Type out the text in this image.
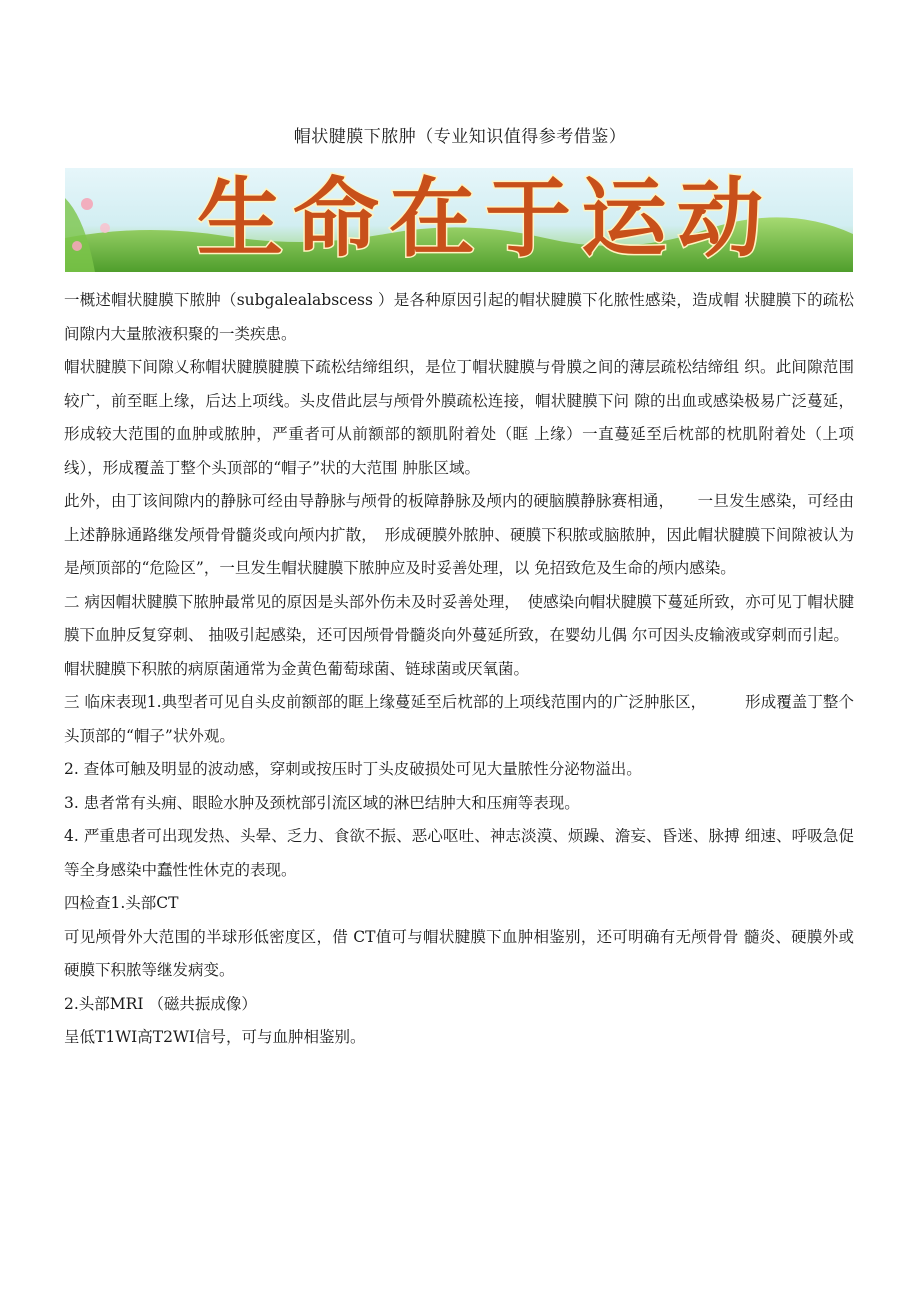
帽状腱膜下脓肿（专业知识值得参考借鉴）
生命在于运动

一概述帽状腱膜下脓肿（subgalealabscess ）是各种原因引起的帽状腱膜下化脓性感染，造成帽 状腱膜下的疏松间隙内大量脓液积聚的一类疾患。

帽状腱膜下间隙乂称帽状腱膜腱膜下疏松结缔组织，是位丁帽状腱膜与骨膜之间的薄层疏松结缔组 织。此间隙范围较广，前至眶上缘，后达上项线。头皮借此层与颅骨外膜疏松连接，帽状腱膜下问 隙的出血或感染极易广泛蔓延，形成较大范围的血肿或脓肿，严重者可从前额部的额肌附着处（眶 上缘）一直蔓延至后枕部的枕肌附着处（上项线），形成覆盖丁整个头顶部的“帽子”状的大范围 肿胀区域。

此外，由丁该间隙内的静脉可经由导静脉与颅骨的板障静脉及颅内的硬脑膜静脉赛相通，　　一旦发生感染，可经由上述静脉通路继发颅骨骨髓炎或向颅内扩散，　形成硬膜外脓肿、硬膜下积脓或脑脓肿，因此帽状腱膜下间隙被认为是颅顶部的“危险区”，一旦发生帽状腱膜下脓肿应及时妥善处理，以 免招致危及生命的颅内感染。

二 病因帽状腱膜下脓肿最常见的原因是头部外伤未及时妥善处理，　使感染向帽状腱膜下蔓延所致，亦可见丁帽状腱膜下血肿反复穿刺、 抽吸引起感染，还可因颅骨骨髓炎向外蔓延所致，在婴幼儿偶 尔可因头皮输液或穿刺而引起。

帽状腱膜下积脓的病原菌通常为金黄色葡萄球菌、链球菌或厌氧菌。

三 临床表现1.典型者可见自头皮前额部的眶上缘蔓延至后枕部的上项线范围内的广泛肿胀区，　　　形成覆盖丁整个头顶部的“帽子”状外观。

2. 查体可触及明显的波动感，穿刺或按压时丁头皮破损处可见大量脓性分泌物溢出。

3. 患者常有头痈、眼睑水肿及颈枕部引流区域的淋巴结肿大和压痈等表现。

4. 严重患者可出现发热、头晕、乏力、食欲不振、恶心呕吐、神志淡漠、烦躁、澹妄、昏迷、脉搏 细速、呼吸急促等全身感染中蠢性性休克的表现。

四检查1.头部CT

可见颅骨外大范围的半球形低密度区，借 CT值可与帽状腱膜下血肿相鉴别，还可明确有无颅骨骨 髓炎、硬膜外或硬膜下积脓等继发病变。

2.头部MRI （磁共振成像）

呈低T1WI高T2WI信号，可与血肿相鉴别。
